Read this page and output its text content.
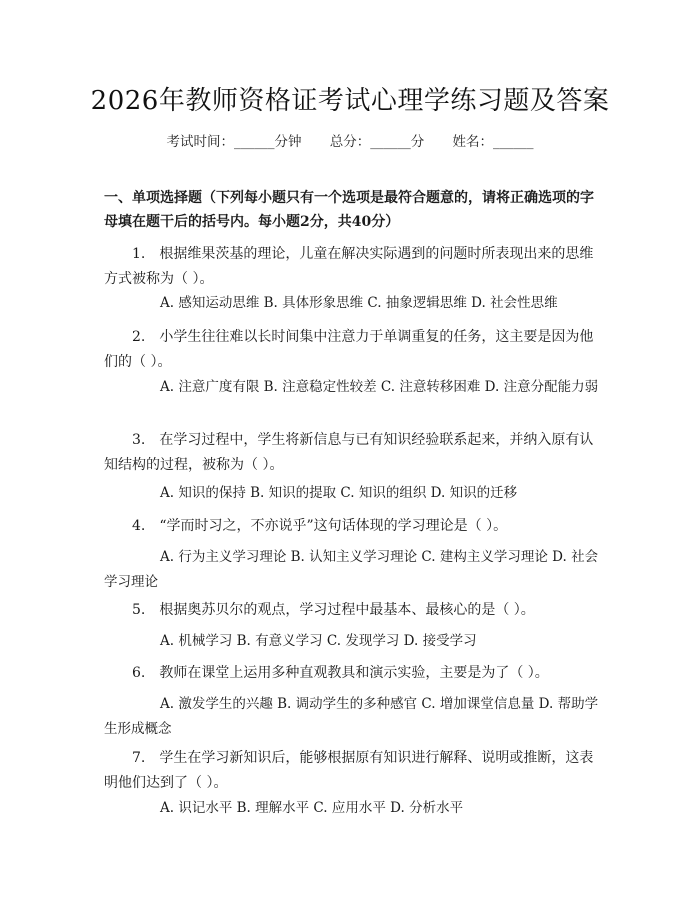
2026年教师资格证考试心理学练习题及答案
考试时间：______分钟 总分：______分 姓名：______
一、单项选择题（下列每小题只有一个选项是最符合题意的，请将正确选项的字母填在题干后的括号内。每小题2分，共40分）
1.　根据维果茨基的理论，儿童在解决实际遇到的问题时所表现出来的思维方式被称为（ ）。
A. 感知运动思维 B. 具体形象思维 C. 抽象逻辑思维 D. 社会性思维
2.　小学生往往难以长时间集中注意力于单调重复的任务，这主要是因为他们的（ ）。
A. 注意广度有限 B. 注意稳定性较差 C. 注意转移困难 D. 注意分配能力弱
3.　在学习过程中，学生将新信息与已有知识经验联系起来，并纳入原有认知结构的过程，被称为（ ）。
A. 知识的保持 B. 知识的提取 C. 知识的组织 D. 知识的迁移
4.　“学而时习之，不亦说乎”这句话体现的学习理论是（ ）。
A. 行为主义学习理论 B. 认知主义学习理论 C. 建构主义学习理论 D. 社会学习理论
5.　根据奥苏贝尔的观点，学习过程中最基本、最核心的是（ ）。
A. 机械学习 B. 有意义学习 C. 发现学习 D. 接受学习
6.　教师在课堂上运用多种直观教具和演示实验，主要是为了（ ）。
A. 激发学生的兴趣 B. 调动学生的多种感官 C. 增加课堂信息量 D. 帮助学生形成概念
7.　学生在学习新知识后，能够根据原有知识进行解释、说明或推断，这表明他们达到了（ ）。
A. 识记水平 B. 理解水平 C. 应用水平 D. 分析水平
